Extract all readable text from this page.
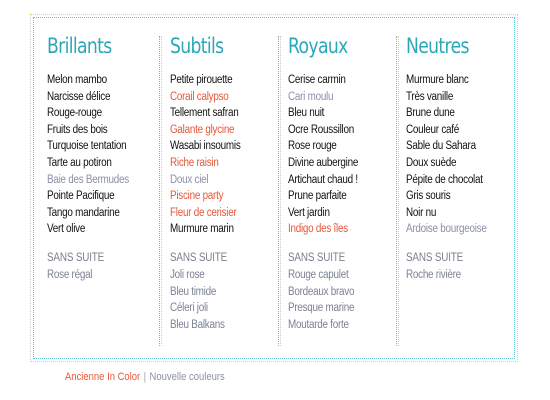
Brillants
Melon mambo
Narcisse délice
Rouge-rouge
Fruits des bois
Turquoise tentation
Tarte au potiron
Baie des Bermudes
Pointe Pacifique
Tango mandarine
Vert olive
SANS SUITE
Rose régal
Subtils
Petite pirouette
Corail calypso
Tellement safran
Galante glycine
Wasabi insoumis
Riche raisin
Doux ciel
Piscine party
Fleur de cerisier
Murmure marin
SANS SUITE
Joli rose
Bleu timide
Céleri joli
Bleu Balkans
Royaux
Cerise carmin
Cari moulu
Bleu nuit
Ocre Roussillon
Rose rouge
Divine aubergine
Artichaut chaud !
Prune parfaite
Vert jardin
Indigo des îles
SANS SUITE
Rouge capulet
Bordeaux bravo
Presque marine
Moutarde forte
Neutres
Murmure blanc
Très vanille
Brune dune
Couleur café
Sable du Sahara
Doux suède
Pépite de chocolat
Gris souris
Noir nu
Ardoise bourgeoise
SANS SUITE
Roche rivière
Ancienne In Color | Nouvelle couleurs
